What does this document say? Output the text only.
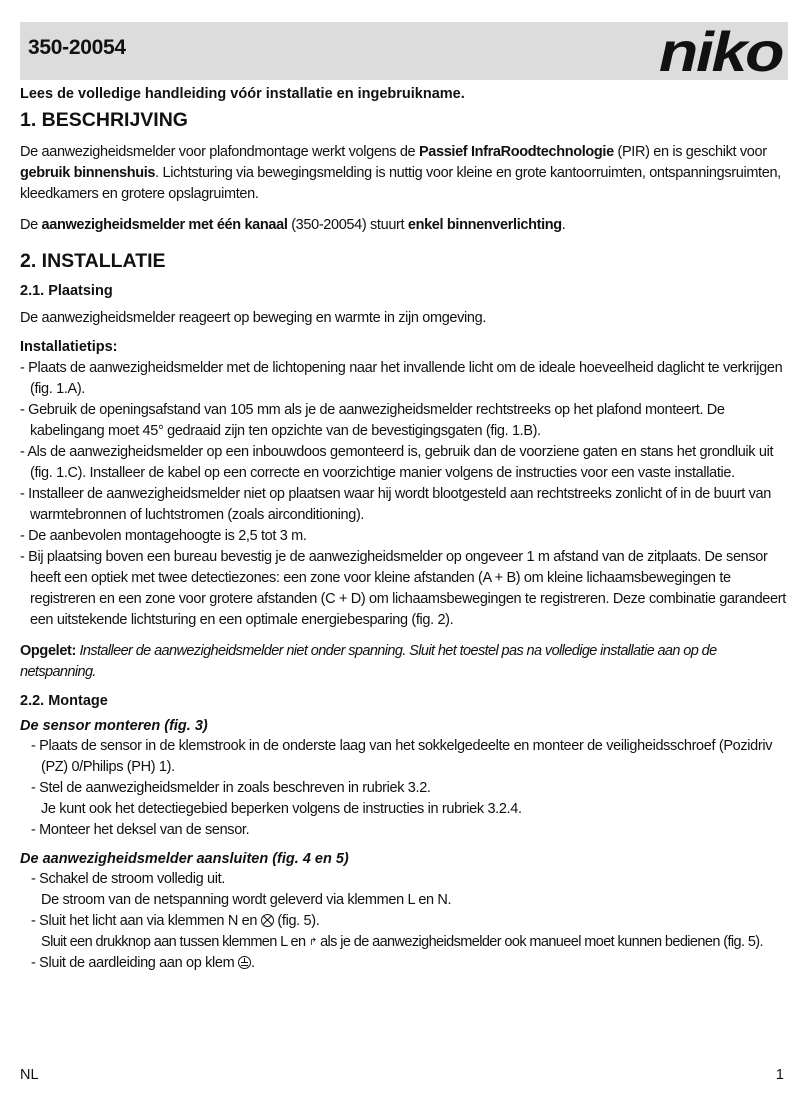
350-20054	niko
Lees de volledige handleiding vóór installatie en ingebruikname.
1. BESCHRIJVING

De aanwezigheidsmelder voor plafondmontage werkt volgens de Passief InfraRoodtechnologie (PIR) en is geschikt voor gebruik binnenshuis. Lichtsturing via bewegingsmelding is nuttig voor kleine en grote kantoorruimten, ontspanningsruimten, kleedkamers en grotere opslagruimten.

De aanwezigheidsmelder met één kanaal (350-20054) stuurt enkel binnenverlichting.

2. INSTALLATIE
2.1. Plaatsing

De aanwezigheidsmelder reageert op beweging en warmte in zijn omgeving.

Installatietips:
- Plaats de aanwezigheidsmelder met de lichtopening naar het invallende licht om de ideale hoeveelheid daglicht te verkrijgen (fig. 1.A).
- Gebruik de openingsafstand van 105 mm als je de aanwezigheidsmelder rechtstreeks op het plafond monteert. De kabelingang moet 45° gedraaid zijn ten opzichte van de bevestigingsgaten (fig. 1.B).
- Als de aanwezigheidsmelder op een inbouwdoos gemonteerd is, gebruik dan de voorziene gaten en stans het grondluik uit (fig. 1.C). Installeer de kabel op een correcte en voorzichtige manier volgens de instructies voor een vaste installatie.
- Installeer de aanwezigheidsmelder niet op plaatsen waar hij wordt blootgesteld aan rechtstreeks zonlicht of in de buurt van warmtebronnen of luchtstromen (zoals airconditioning).
- De aanbevolen montagehoogte is 2,5 tot 3 m.
- Bij plaatsing boven een bureau bevestig je de aanwezigheidsmelder op ongeveer 1 m afstand van de zitplaats. De sensor heeft een optiek met twee detectiezones: een zone voor kleine afstanden (A + B) om kleine lichaamsbewegingen te registreren en een zone voor grotere afstanden (C + D) om lichaamsbewegingen te registreren. Deze combinatie garandeert een uitstekende lichtsturing en een optimale energiebesparing (fig. 2).

Opgelet: Installeer de aanwezigheidsmelder niet onder spanning. Sluit het toestel pas na volledige installatie aan op de netspanning.

2.2. Montage
De sensor monteren (fig. 3)
- Plaats de sensor in de klemstrook in de onderste laag van het sokkelgedeelte en monteer de veiligheidsschroef (Pozidriv (PZ) 0/Philips (PH) 1).
- Stel de aanwezigheidsmelder in zoals beschreven in rubriek 3.2.
Je kunt ook het detectiegebied beperken volgens de instructies in rubriek 3.2.4.
- Monteer het deksel van de sensor.
De aanwezigheidsmelder aansluiten (fig. 4 en 5)
- Schakel de stroom volledig uit.
De stroom van de netspanning wordt geleverd via klemmen L en N.
- Sluit het licht aan via klemmen N en  (fig. 5).
Sluit een drukknop aan tussen klemmen L en ↱ als je de aanwezigheidsmelder ook manueel moet kunnen bedienen (fig. 5).
- Sluit de aardleiding aan op klem .
NL	1
